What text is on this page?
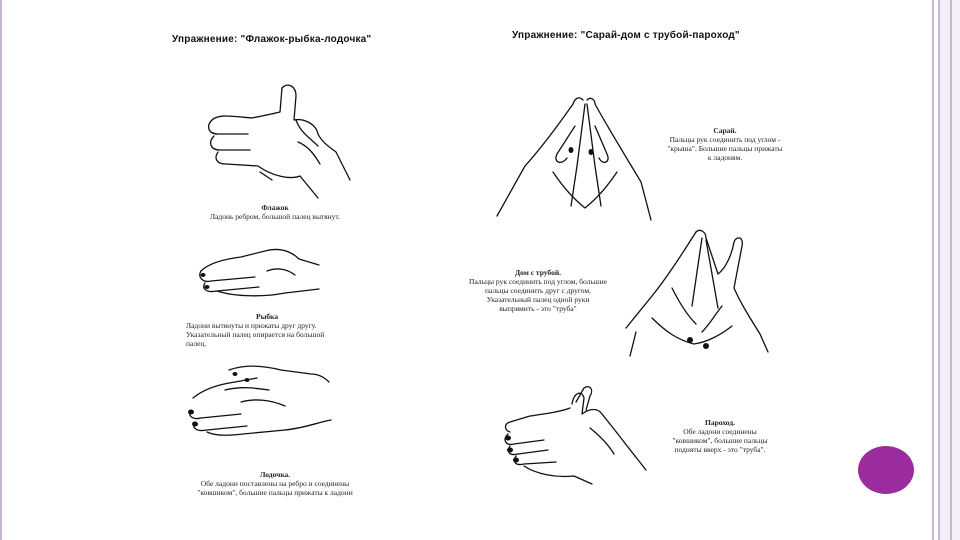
Упражнение: "Флажок-рыбка-лодочка"	Упражнение: "Сарай-дом с трубой-пароход"
Флажок
Ладонь ребром, большой палец вытянут.
Рыбка
Ладони вытянуты и прижаты друг другу.
Указательный палец опирается на большой
палец.
Лодочка.
Обе ладони поставлены на ребро и соединены
"ковшиком", большие пальцы прижаты к ладони
Сарай.
Пальцы рук соединить под углом -
"крыша". Большие пальцы прижаты
к ладоням.
Дом с трубой.
Пальцы рук соединить под углом, большие
пальцы соединить друг с другом.
Указательный палец одной руки
выпрямить - это "труба"
Пароход.
Обе ладони соединены
"ковшиком", большие пальцы
подняты вверх - это "труба".
